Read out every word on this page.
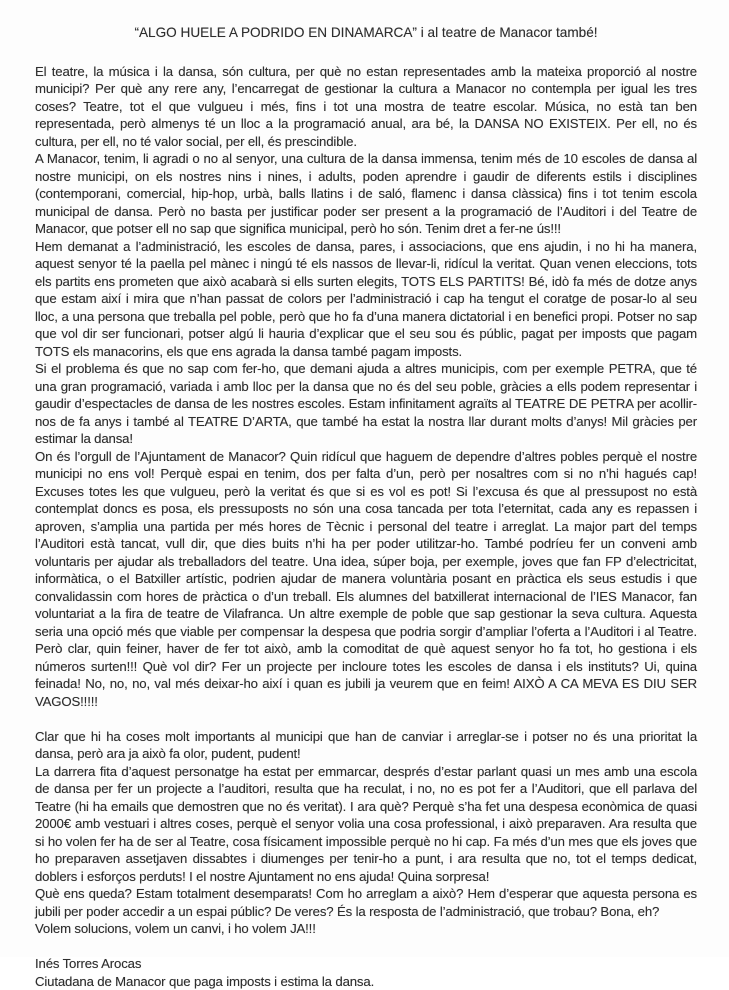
“ALGO HUELE A PODRIDO EN DINAMARCA” i al teatre de Manacor també!

El teatre, la música i la dansa, són cultura, per què no estan representades amb la mateixa proporció al nostre municipi? Per què any rere any, l’encarregat de gestionar la cultura a Manacor no contempla per igual les tres coses? Teatre, tot el que vulgueu i més, fins i tot una mostra de teatre escolar. Música, no està tan ben representada, però almenys té un lloc a la programació anual, ara bé, la DANSA NO EXISTEIX. Per ell, no és cultura, per ell, no té valor social, per ell, és prescindible.

A Manacor, tenim, li agradi o no al senyor, una cultura de la dansa immensa, tenim més de 10 escoles de dansa al nostre municipi, on els nostres nins i nines, i adults, poden aprendre i gaudir de diferents estils i disciplines (contemporani, comercial, hip-hop, urbà, balls llatins i de saló, flamenc i dansa clàssica) fins i tot tenim escola municipal de dansa. Però no basta per justificar poder ser present a la programació de l’Auditori i del Teatre de Manacor, que potser ell no sap que significa municipal, però ho són. Tenim dret a fer-ne ús!!!

Hem demanat a l’administració, les escoles de dansa, pares, i associacions, que ens ajudin, i no hi ha manera, aquest senyor té la paella pel mànec i ningú té els nassos de llevar-li, ridícul la veritat. Quan venen eleccions, tots els partits ens prometen que això acabarà si ells surten elegits, TOTS ELS PARTITS! Bé, idò fa més de dotze anys que estam així i mira que n’han passat de colors per l’administració i cap ha tengut el coratge de posar-lo al seu lloc, a una persona que treballa pel poble, però que ho fa d’una manera dictatorial i en benefici propi. Potser no sap que vol dir ser funcionari, potser algú li hauria d’explicar que el seu sou és públic, pagat per imposts que pagam TOTS els manacorins, els que ens agrada la dansa també pagam imposts.

Si el problema és que no sap com fer-ho, que demani ajuda a altres municipis, com per exemple PETRA, que té una gran programació, variada i amb lloc per la dansa que no és del seu poble, gràcies a ells podem representar i gaudir d’espectacles de dansa de les nostres escoles. Estam infinitament agraïts al TEATRE DE PETRA per acollir-nos de fa anys i també al TEATRE D’ARTA, que també ha estat la nostra llar durant molts d’anys! Mil gràcies per estimar la dansa!

On és l’orgull de l’Ajuntament de Manacor? Quin ridícul que haguem de dependre d’altres pobles perquè el nostre municipi no ens vol! Perquè espai en tenim, dos per falta d’un, però per nosaltres com si no n’hi hagués cap! Excuses totes les que vulgueu, però la veritat és que si es vol es pot! Si l’excusa és que al pressupost no està contemplat doncs es posa, els pressuposts no són una cosa tancada per tota l’eternitat, cada any es repassen i aproven, s’amplia una partida per més hores de Tècnic i personal del teatre i arreglat. La major part del temps l’Auditori està tancat, vull dir, que dies buits n’hi ha per poder utilitzar-ho. També podríeu fer un conveni amb voluntaris per ajudar als treballadors del teatre. Una idea, súper boja, per exemple, joves que fan FP d’electricitat, informàtica, o el Batxiller artístic, podrien ajudar de manera voluntària posant en pràctica els seus estudis i que convalidassin com hores de pràctica o d’un treball. Els alumnes del batxillerat internacional de l’IES Manacor, fan voluntariat a la fira de teatre de Vilafranca. Un altre exemple de poble que sap gestionar la seva cultura. Aquesta seria una opció més que viable per compensar la despesa que podria sorgir d’ampliar l’oferta a l’Auditori i al Teatre. Però clar, quin feiner, haver de fer tot això, amb la comoditat de què aquest senyor ho fa tot, ho gestiona i els números surten!!! Què vol dir? Fer un projecte per incloure totes les escoles de dansa i els instituts? Ui, quina feinada! No, no, no, val més deixar-ho així i quan es jubili ja veurem que en feim! AIXÒ A CA MEVA ES DIU SER VAGOS!!!!!

Clar que hi ha coses molt importants al municipi que han de canviar i arreglar-se i potser no és una prioritat la dansa, però ara ja això fa olor, pudent, pudent!

La darrera fita d’aquest personatge ha estat per emmarcar, després d’estar parlant quasi un mes amb una escola de dansa per fer un projecte a l’auditori, resulta que ha reculat, i no, no es pot fer a l’Auditori, que ell parlava del Teatre (hi ha emails que demostren que no és veritat). I ara què? Perquè s’ha fet una despesa econòmica de quasi 2000€ amb vestuari i altres coses, perquè el senyor volia una cosa professional, i això preparaven. Ara resulta que si ho volen fer ha de ser al Teatre, cosa físicament impossible perquè no hi cap. Fa més d’un mes que els joves que ho preparaven assetjaven dissabtes i diumenges per tenir-ho a punt, i ara resulta que no, tot el temps dedicat, doblers i esforços perduts! I el nostre Ajuntament no ens ajuda! Quina sorpresa!

Què ens queda? Estam totalment desemparats! Com ho arreglam a això? Hem d’esperar que aquesta persona es jubili per poder accedir a un espai públic? De veres? És la resposta de l’administració, que trobau? Bona, eh?

Volem solucions, volem un canvi, i ho volem JA!!!

Inés Torres Arocas

Ciutadana de Manacor que paga imposts i estima la dansa.
